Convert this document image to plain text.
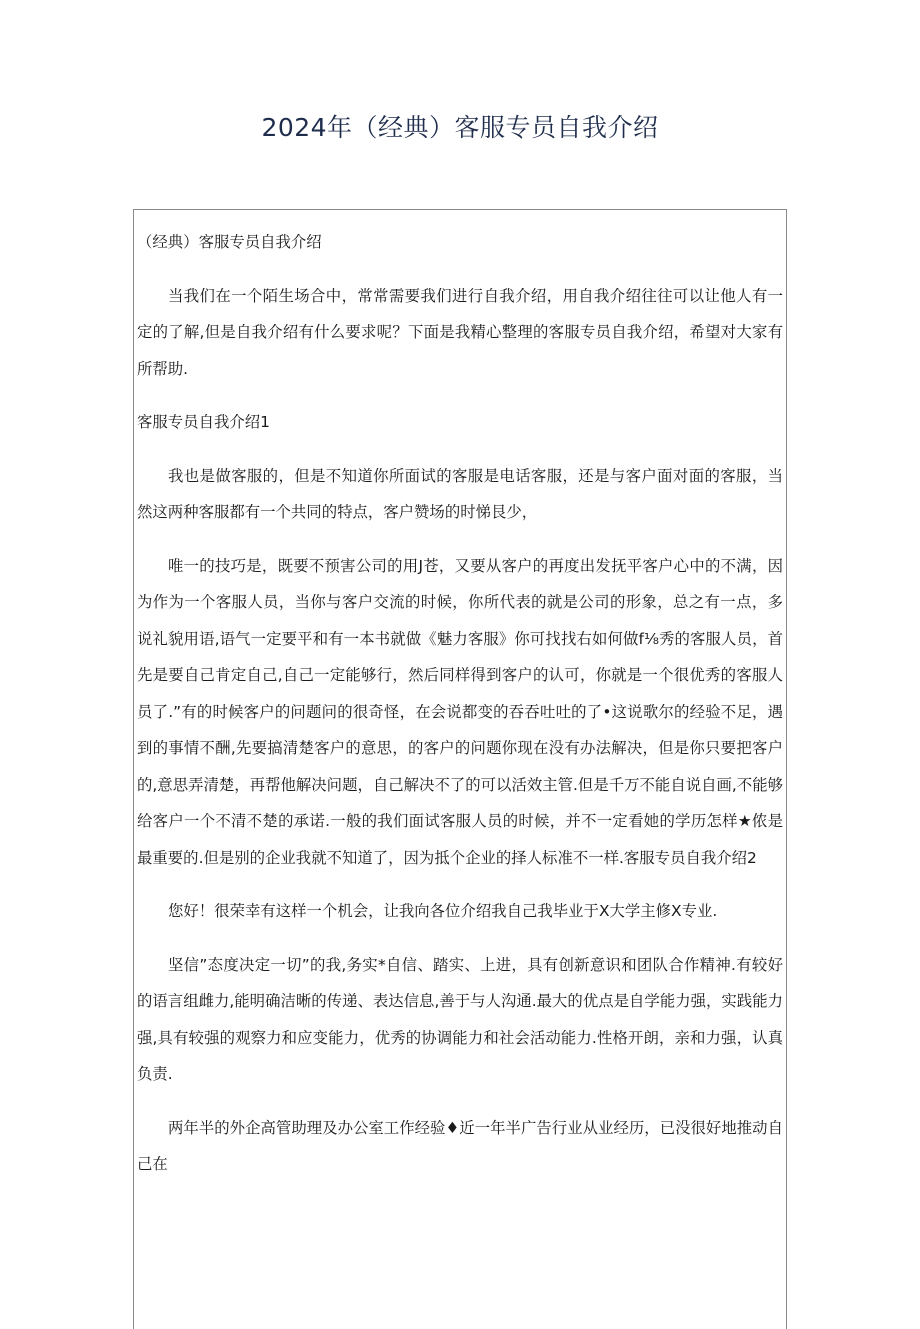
2024年（经典）客服专员自我介绍

（经典）客服专员自我介绍

当我们在一个陌生场合中，常常需要我们进行自我介绍，用自我介绍往往可以让他人有一定的了解,但是自我介绍有什么要求呢？下面是我精心整理的客服专员自我介绍，希望对大家有所帮助.

客服专员自我介绍1

我也是做客服的，但是不知道你所面试的客服是电话客服，还是与客户面对面的客服，当然这两种客服都有一个共同的特点，客户赞场的时悌艮少，

唯一的技巧是，既要不预害公司的用J苍，又要从客户的再度出发抚平客户心中的不满，因为作为一个客服人员，当你与客户交流的时候，你所代表的就是公司的形象，总之有一点，多说礼貌用语,语气一定要平和有一本书就做《魅力客服》你可找找右如何做f⅛秀的客服人员，首先是要自己肯定自己,自己一定能够行，然后同样得到客户的认可，你就是一个很优秀的客服人员了.”有的时候客户的问题问的很奇怪，在会说都变的吞吞吐吐的了•这说歌尔的经验不足，遇到的事情不酬,先要搞清楚客户的意思，的客户的问题你现在没有办法解决，但是你只要把客户的,意思弄清楚，再帮他解决问题，自己解决不了的可以活效主管.但是千万不能自说自画,不能够给客户一个不清不楚的承诺.一般的我们面试客服人员的时候，并不一定看她的学历怎样★侬是最重要的.但是别的企业我就不知道了，因为抵个企业的择人标准不一样.客服专员自我介绍2

您好！很荣幸有这样一个机会，让我向各位介绍我自己我毕业于X大学主修X专业.

坚信”态度决定一切”的我,务实*自信、踏实、上进，具有创新意识和团队合作精神.有较好的语言组雌力,能明确洁晰的传递、表达信息,善于与人沟通.最大的优点是自学能力强，实践能力强,具有较强的观察力和应变能力，优秀的协调能力和社会活动能力.性格开朗，亲和力强，认真负责.

两年半的外企高管助理及办公室工作经验♦近一年半广告行业从业经历，已没很好地推动自己在
